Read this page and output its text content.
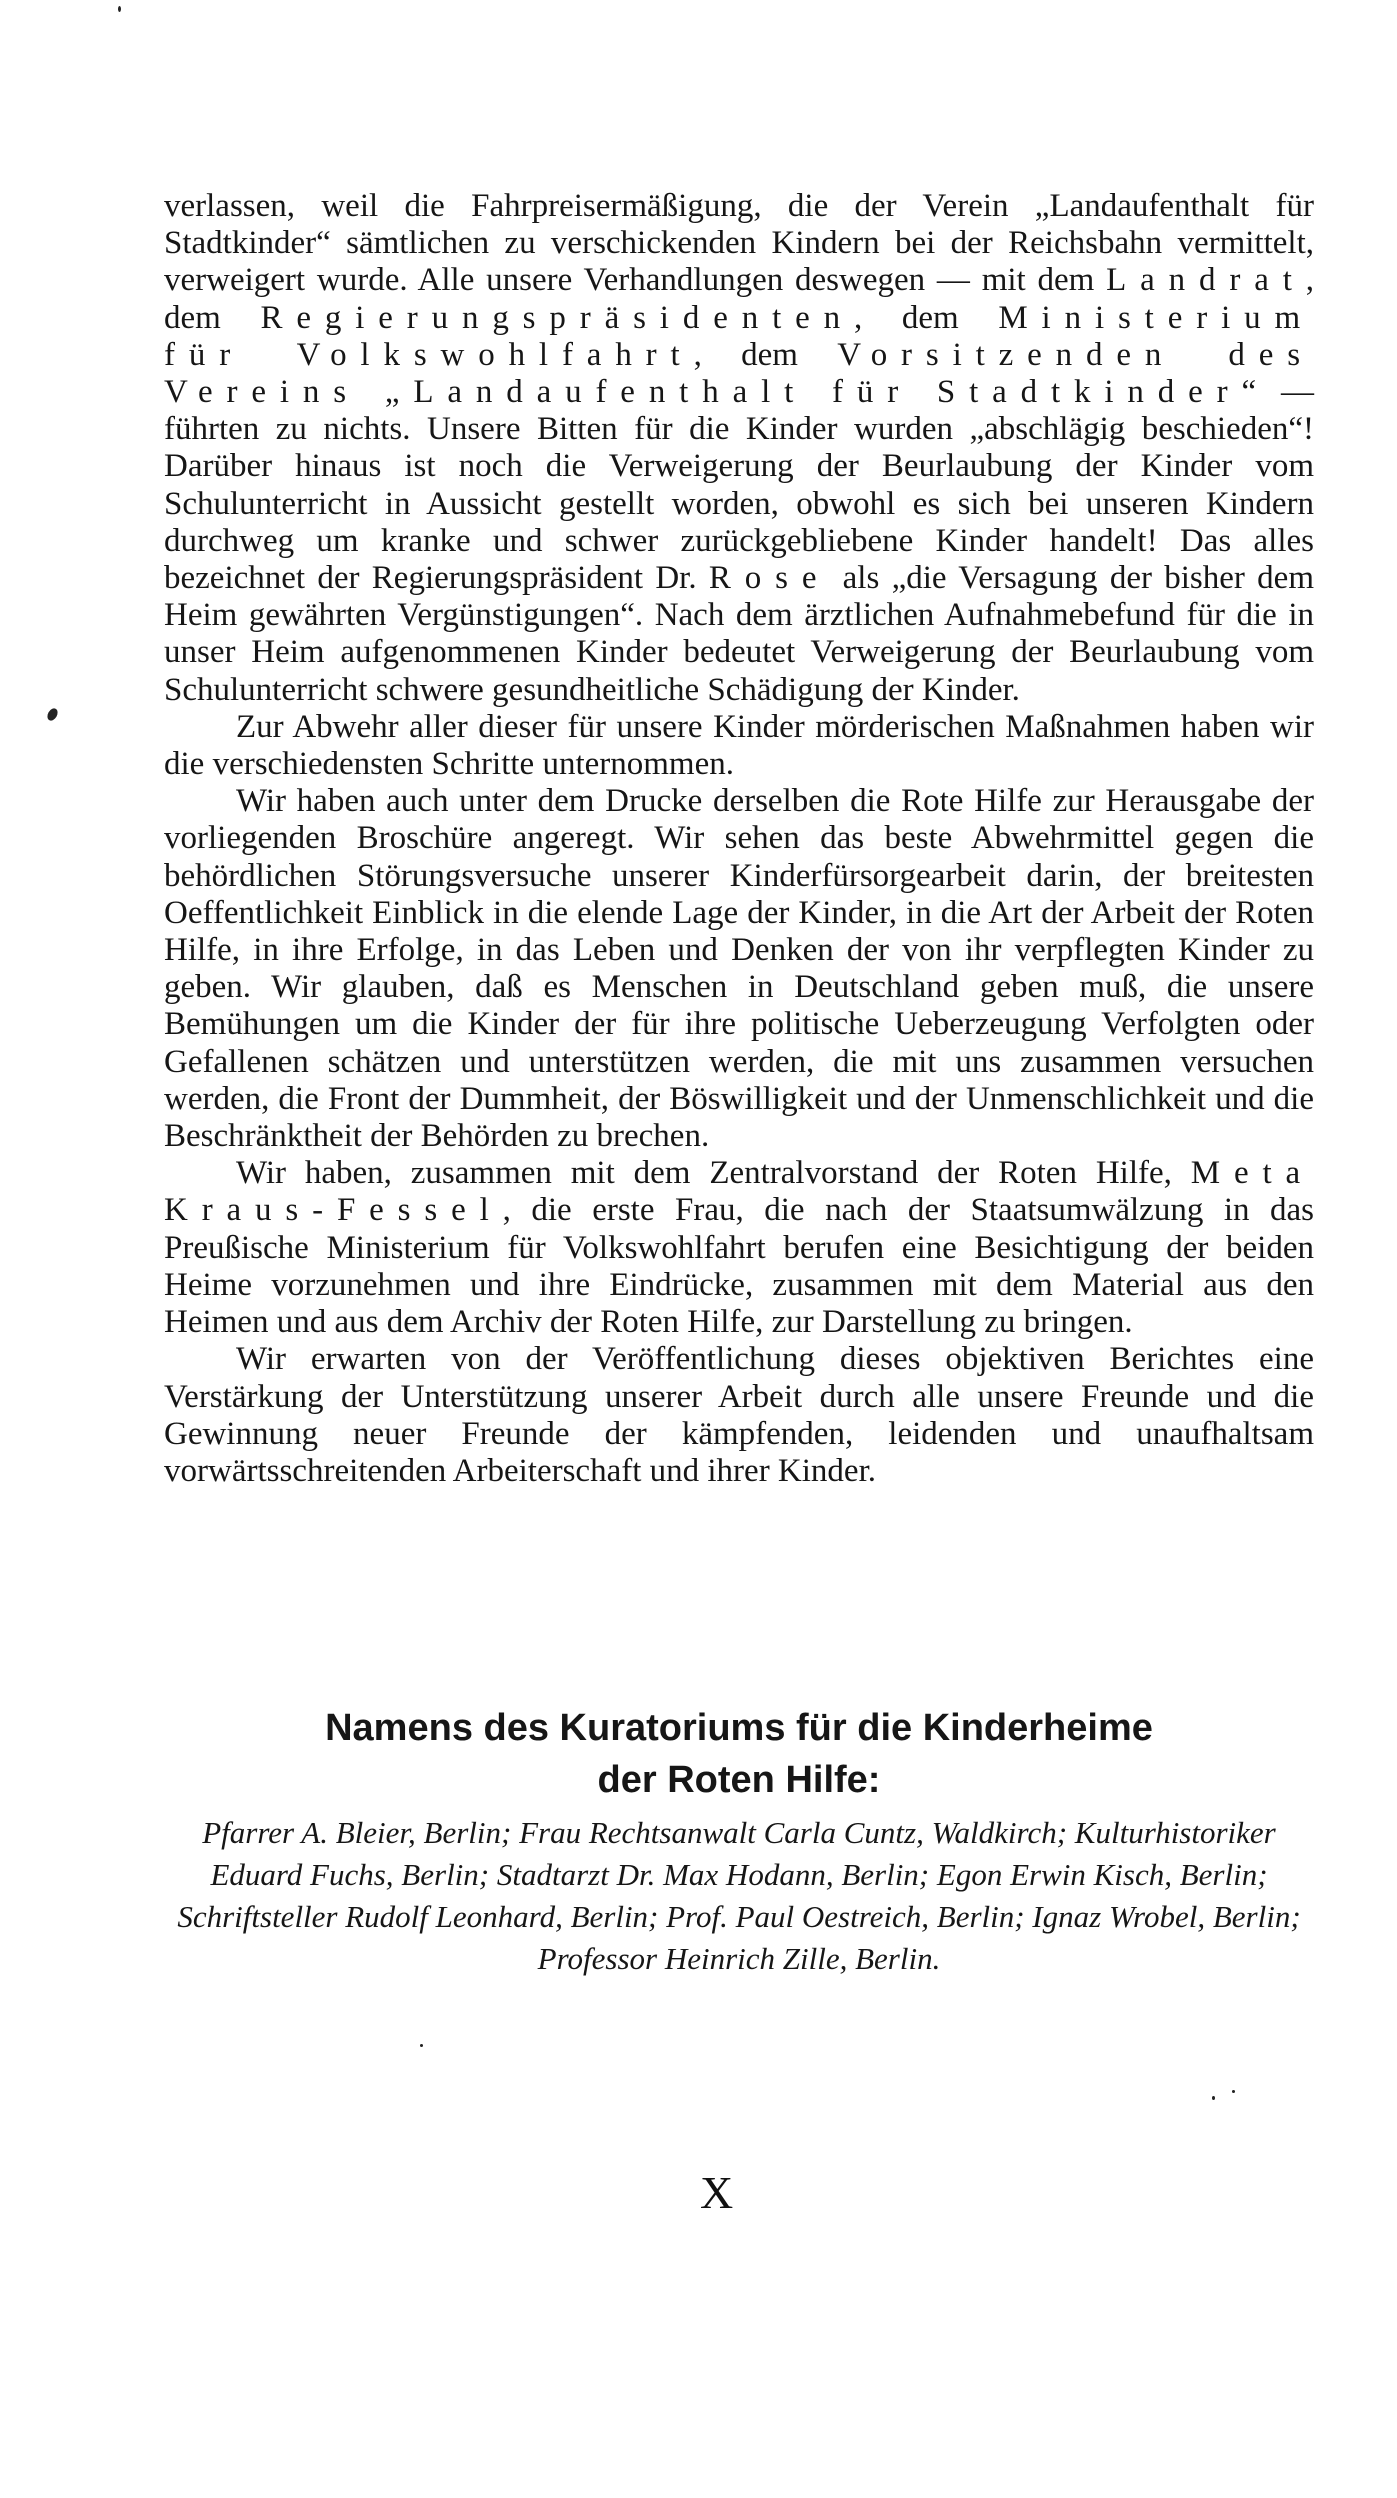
verlassen, weil die Fahrpreisermäßigung, die der Verein „Landaufenthalt für Stadtkinder“ sämtlichen zu verschickenden Kindern bei der Reichsbahn vermittelt, verweigert wurde. Alle unsere Verhandlungen deswegen — mit dem Landrat, dem Regierungspräsidenten, dem Ministerium für Volkswohlfahrt, dem Vorsitzenden des Vereins „Landaufenthalt für Stadtkinder“ — führten zu nichts. Unsere Bitten für die Kinder wurden „abschlägig beschieden“! Darüber hinaus ist noch die Verweigerung der Beurlaubung der Kinder vom Schulunterricht in Aussicht gestellt worden, obwohl es sich bei unseren Kindern durchweg um kranke und schwer zurückgebliebene Kinder handelt! Das alles bezeichnet der Regierungspräsident Dr. Rose als „die Versagung der bisher dem Heim gewährten Vergünstigungen“. Nach dem ärztlichen Aufnahmebefund für die in unser Heim aufgenommenen Kinder bedeutet Verweigerung der Beurlaubung vom Schulunterricht schwere gesundheitliche Schädigung der Kinder.

Zur Abwehr aller dieser für unsere Kinder mörderischen Maßnahmen haben wir die verschiedensten Schritte unternommen.

Wir haben auch unter dem Drucke derselben die Rote Hilfe zur Herausgabe der vorliegenden Broschüre angeregt. Wir sehen das beste Abwehrmittel gegen die behördlichen Störungsversuche unserer Kinderfürsorgearbeit darin, der breitesten Oeffentlichkeit Einblick in die elende Lage der Kinder, in die Art der Arbeit der Roten Hilfe, in ihre Erfolge, in das Leben und Denken der von ihr verpflegten Kinder zu geben. Wir glauben, daß es Menschen in Deutschland geben muß, die unsere Bemühungen um die Kinder der für ihre politische Ueberzeugung Verfolgten oder Gefallenen schätzen und unterstützen werden, die mit uns zusammen versuchen werden, die Front der Dummheit, der Böswilligkeit und der Unmenschlichkeit und die Beschränktheit der Behörden zu brechen.

Wir haben, zusammen mit dem Zentralvorstand der Roten Hilfe, Meta Kraus-Fessel, die erste Frau, die nach der Staatsumwälzung in das Preußische Ministerium für Volkswohlfahrt berufen eine Besichtigung der beiden Heime vorzunehmen und ihre Eindrücke, zusammen mit dem Material aus den Heimen und aus dem Archiv der Roten Hilfe, zur Darstellung zu bringen.

Wir erwarten von der Veröffentlichung dieses objektiven Berichtes eine Verstärkung der Unterstützung unserer Arbeit durch alle unsere Freunde und die Gewinnung neuer Freunde der kämpfenden, leidenden und unaufhaltsam vorwärtsschreitenden Arbeiterschaft und ihrer Kinder.

Namens des Kuratoriums für die Kinderheime
der Roten Hilfe:
Pfarrer A. Bleier, Berlin; Frau Rechtsanwalt Carla Cuntz, Waldkirch; Kulturhistoriker Eduard Fuchs, Berlin; Stadtarzt Dr. Max Hodann, Berlin; Egon Erwin Kisch, Berlin; Schriftsteller Rudolf Leonhard, Berlin; Prof. Paul Oestreich, Berlin; Ignaz Wrobel, Berlin; Professor Heinrich Zille, Berlin.
X
